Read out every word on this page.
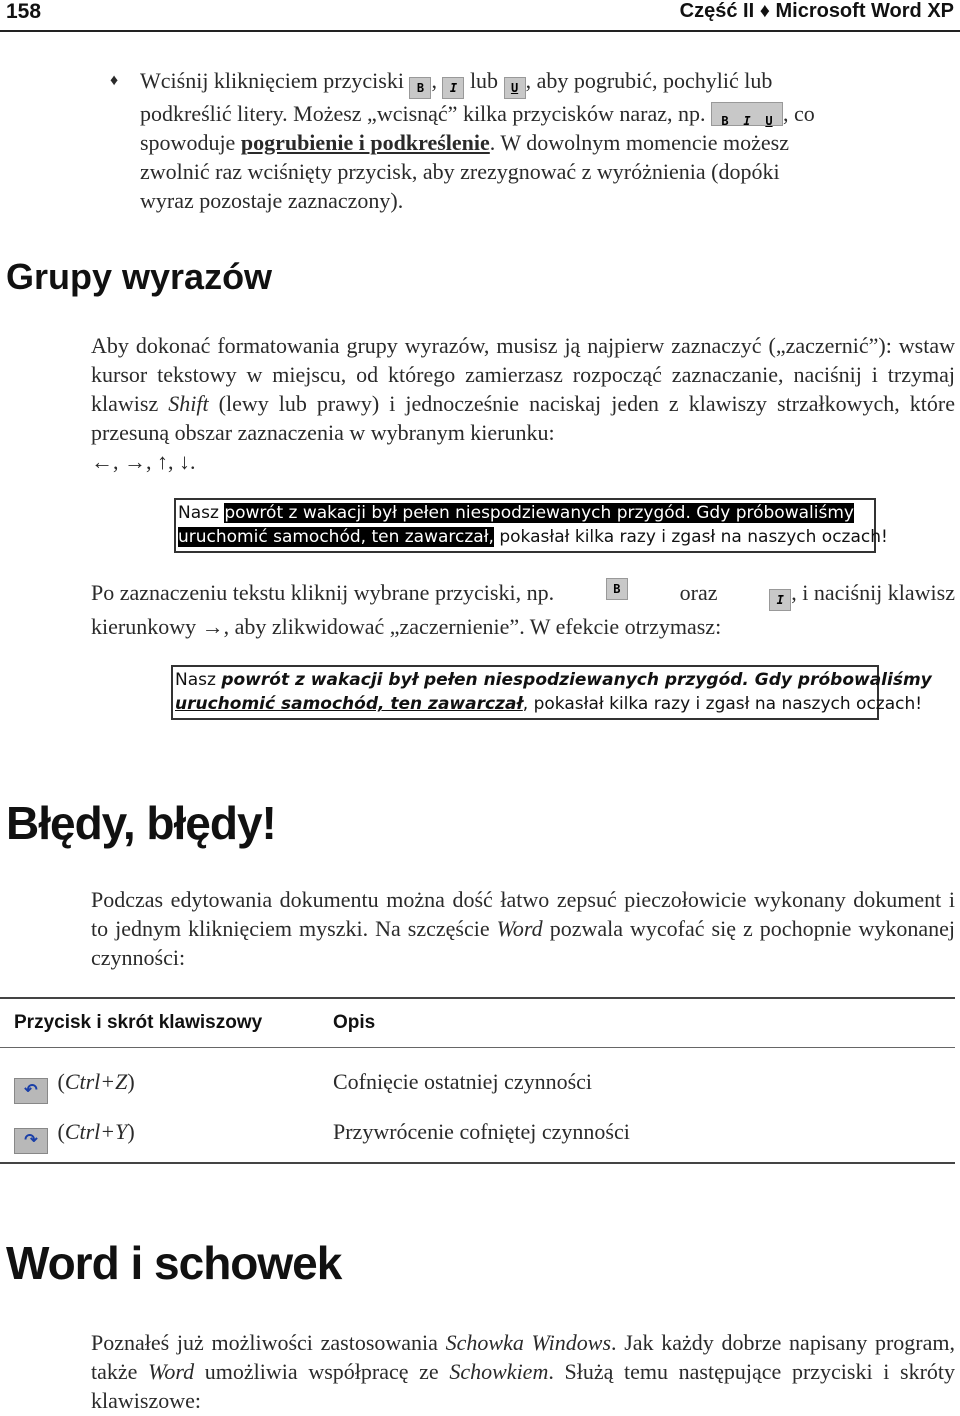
158	Część II ♦ Microsoft Word XP
♦ Wciśnij kliknięciem przyciski B , I lub U , aby pogrubić, pochylić lub
podkreślić litery. Możesz „wcisnąć” kilka przycisków naraz, np. B I U , co
spowoduje pogrubienie i podkreślenie. W dowolnym momencie możesz
zwolnić raz wciśnięty przycisk, aby zrezygnować z wyróżnienia (dopóki
wyraz pozostaje zaznaczony).
Grupy wyrazów
Aby dokonać formatowania grupy wyrazów, musisz ją najpierw zaznaczyć („zaczernić”): wstaw kursor tekstowy w miejscu, od którego zamierzasz rozpocząć zaznaczanie, naciśnij i trzymaj klawisz Shift (lewy lub prawy) i jednocześnie naciskaj jeden z klawiszy strzałkowych, które przesuną obszar zaznaczenia w wybranym kierunku:
←, →, ↑, ↓.
Nasz powrót z wakacji był pełen niespodziewanych przygód. Gdy próbowaliśmy
uruchomić samochód, ten zawarczał, pokasłał kilka razy i zgasł na naszych oczach!
Po zaznaczeniu tekstu kliknij wybrane przyciski, np.	B	oraz	I , i naciśnij klawisz
kierunkowy →, aby zlikwidować „zaczernienie”. W efekcie otrzymasz:
Nasz powrót z wakacji był pełen niespodziewanych przygód. Gdy próbowaliśmy
uruchomić samochód, ten zawarczał, pokasłał kilka razy i zgasł na naszych oczach!
Błędy, błędy!
Podczas edytowania dokumentu można dość łatwo zepsuć pieczołowicie wykonany dokument i to jednym kliknięciem myszki. Na szczęście Word pozwala wycofać się z pochopnie wykonanej czynności:
Przycisk i skrót klawiszowy	Opis
↶ (Ctrl+Z)	Cofnięcie ostatniej czynności
↷ (Ctrl+Y)	Przywrócenie cofniętej czynności
Word i schowek
Poznałeś już możliwości zastosowania Schowka Windows. Jak każdy dobrze napisany program, także Word umożliwia współpracę ze Schowkiem. Służą temu następujące przyciski i skróty klawiszowe:
